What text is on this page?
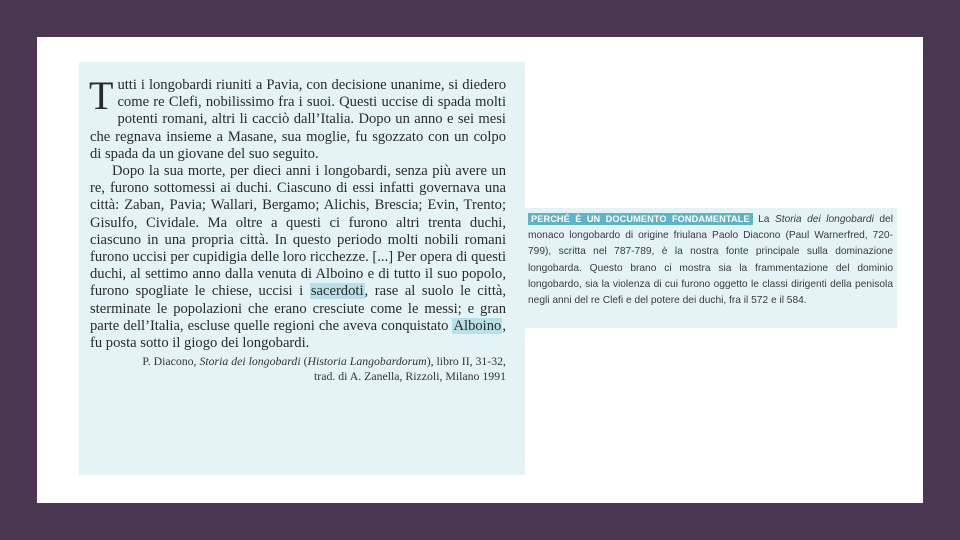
Tutti i longobardi riuniti a Pavia, con decisione unanime, si diedero come re Clefi, nobilissimo fra i suoi. Questi uccise di spada molti potenti romani, altri li cacciò dall’Italia. Dopo un anno e sei mesi che regnava insieme a Masane, sua moglie, fu sgozzato con un colpo di spada da un giovane del suo seguito.

Dopo la sua morte, per dieci anni i longobardi, senza più avere un re, furono sottomessi ai duchi. Ciascuno di essi infatti governava una città: Zaban, Pavia; Wallari, Bergamo; Alichis, Brescia; Evin, Trento; Gisulfo, Cividale. Ma oltre a questi ci furono altri trenta duchi, ciascuno in una propria città. In questo periodo molti nobili romani furono uccisi per cupidigia delle loro ricchezze. [...] Per opera di questi duchi, al settimo anno dalla venuta di Alboino e di tutto il suo popolo, furono spogliate le chiese, uccisi i sacerdoti, rase al suolo le città, sterminate le popolazioni che erano cresciute come le messi; e gran parte dell’Italia, escluse quelle regioni che aveva conquistato Alboino, fu posta sotto il giogo dei longobardi.

P. Diacono, Storia dei longobardi (Historia Langobardorum), libro II, 31-32,
trad. di A. Zanella, Rizzoli, Milano 1991
PERCHÉ È UN DOCUMENTO FONDAMENTALE La Storia dei longobardi del monaco longobardo di origine friulana Paolo Diacono (Paul Warnerfred, 720-799), scritta nel 787-789, è la nostra fonte principale sulla dominazione longobarda. Questo brano ci mostra sia la frammentazione del dominio longobardo, sia la violenza di cui furono oggetto le classi dirigenti della penisola negli anni del re Clefi e del potere dei duchi, fra il 572 e il 584.
